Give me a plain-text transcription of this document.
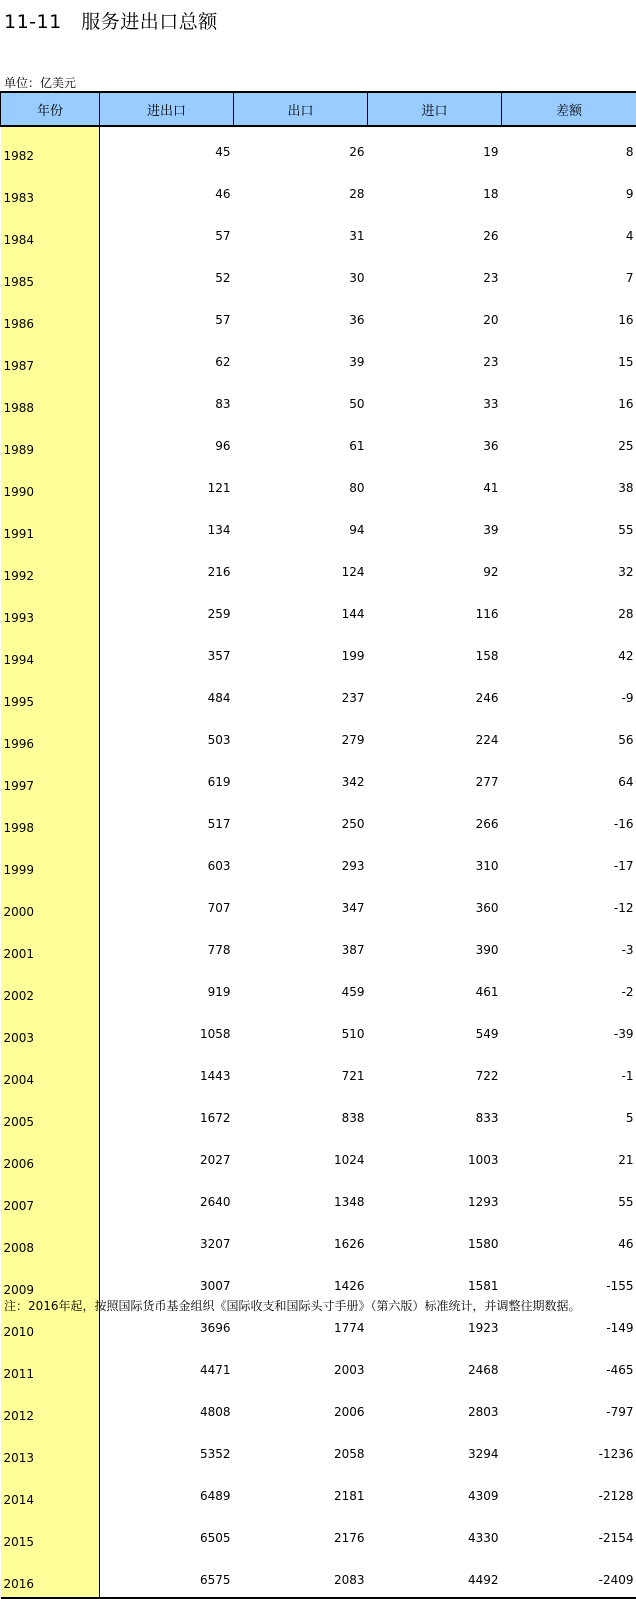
11-11　服务进出口总额
单位：亿美元
年份	进出口	出口	进口	差额
1982	45	26	19	8
1983	46	28	18	9
1984	57	31	26	4
1985	52	30	23	7
1986	57	36	20	16
1987	62	39	23	15
1988	83	50	33	16
1989	96	61	36	25
1990	121	80	41	38
1991	134	94	39	55
1992	216	124	92	32
1993	259	144	116	28
1994	357	199	158	42
1995	484	237	246	-9
1996	503	279	224	56
1997	619	342	277	64
1998	517	250	266	-16
1999	603	293	310	-17
2000	707	347	360	-12
2001	778	387	390	-3
2002	919	459	461	-2
2003	1058	510	549	-39
2004	1443	721	722	-1
2005	1672	838	833	5
2006	2027	1024	1003	21
2007	2640	1348	1293	55
2008	3207	1626	1580	46
2009	3007	1426	1581	-155
2010	3696	1774	1923	-149
2011	4471	2003	2468	-465
2012	4808	2006	2803	-797
2013	5352	2058	3294	-1236
2014	6489	2181	4309	-2128
2015	6505	2176	4330	-2154
2016	6575	2083	4492	-2409
注：2016年起，按照国际货币基金组织《国际收支和国际头寸手册》（第六版）标准统计，并调整往期数据。
